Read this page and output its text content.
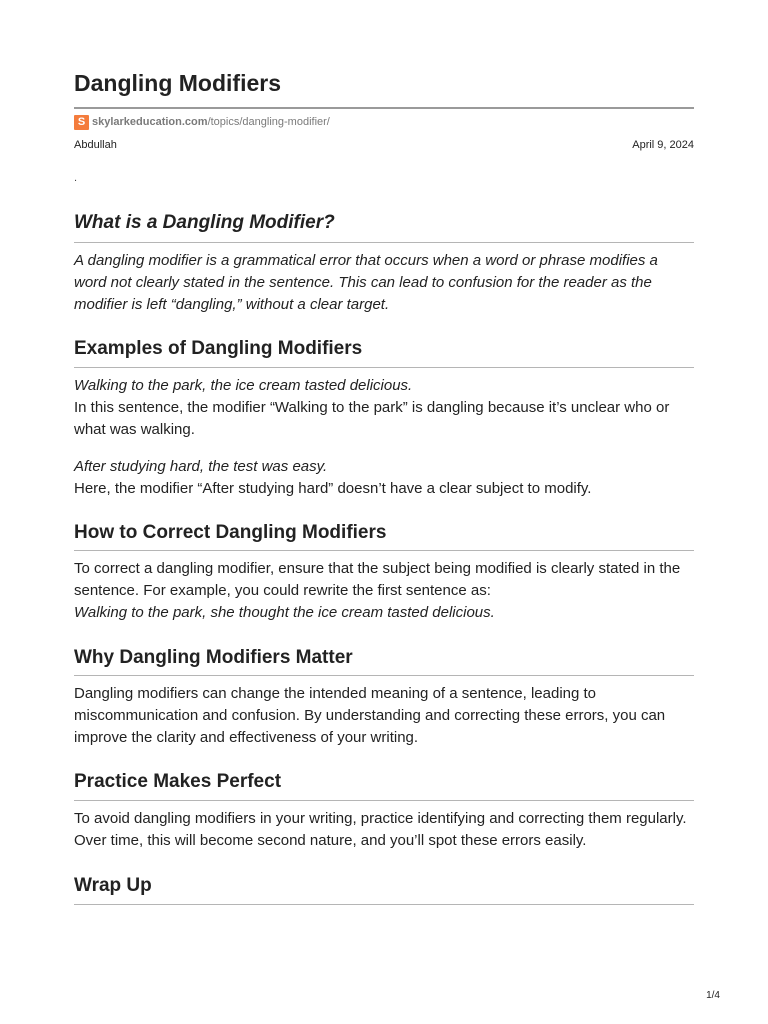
Dangling Modifiers
S skylarkeducation.com /topics/dangling-modifier/
Abdullah	April 9, 2024
.
What is a Dangling Modifier?

A dangling modifier is a grammatical error that occurs when a word or phrase modifies a
word not clearly stated in the sentence. This can lead to confusion for the reader as the
modifier is left “dangling,” without a clear target.

Examples of Dangling Modifiers

Walking to the park, the ice cream tasted delicious.
In this sentence, the modifier “Walking to the park” is dangling because it’s unclear who or
what was walking.

After studying hard, the test was easy.
Here, the modifier “After studying hard” doesn’t have a clear subject to modify.

How to Correct Dangling Modifiers

To correct a dangling modifier, ensure that the subject being modified is clearly stated in the
sentence. For example, you could rewrite the first sentence as:
Walking to the park, she thought the ice cream tasted delicious.

Why Dangling Modifiers Matter

Dangling modifiers can change the intended meaning of a sentence, leading to
miscommunication and confusion. By understanding and correcting these errors, you can
improve the clarity and effectiveness of your writing.

Practice Makes Perfect

To avoid dangling modifiers in your writing, practice identifying and correcting them regularly.
Over time, this will become second nature, and you’ll spot these errors easily.

Wrap Up
1/4
